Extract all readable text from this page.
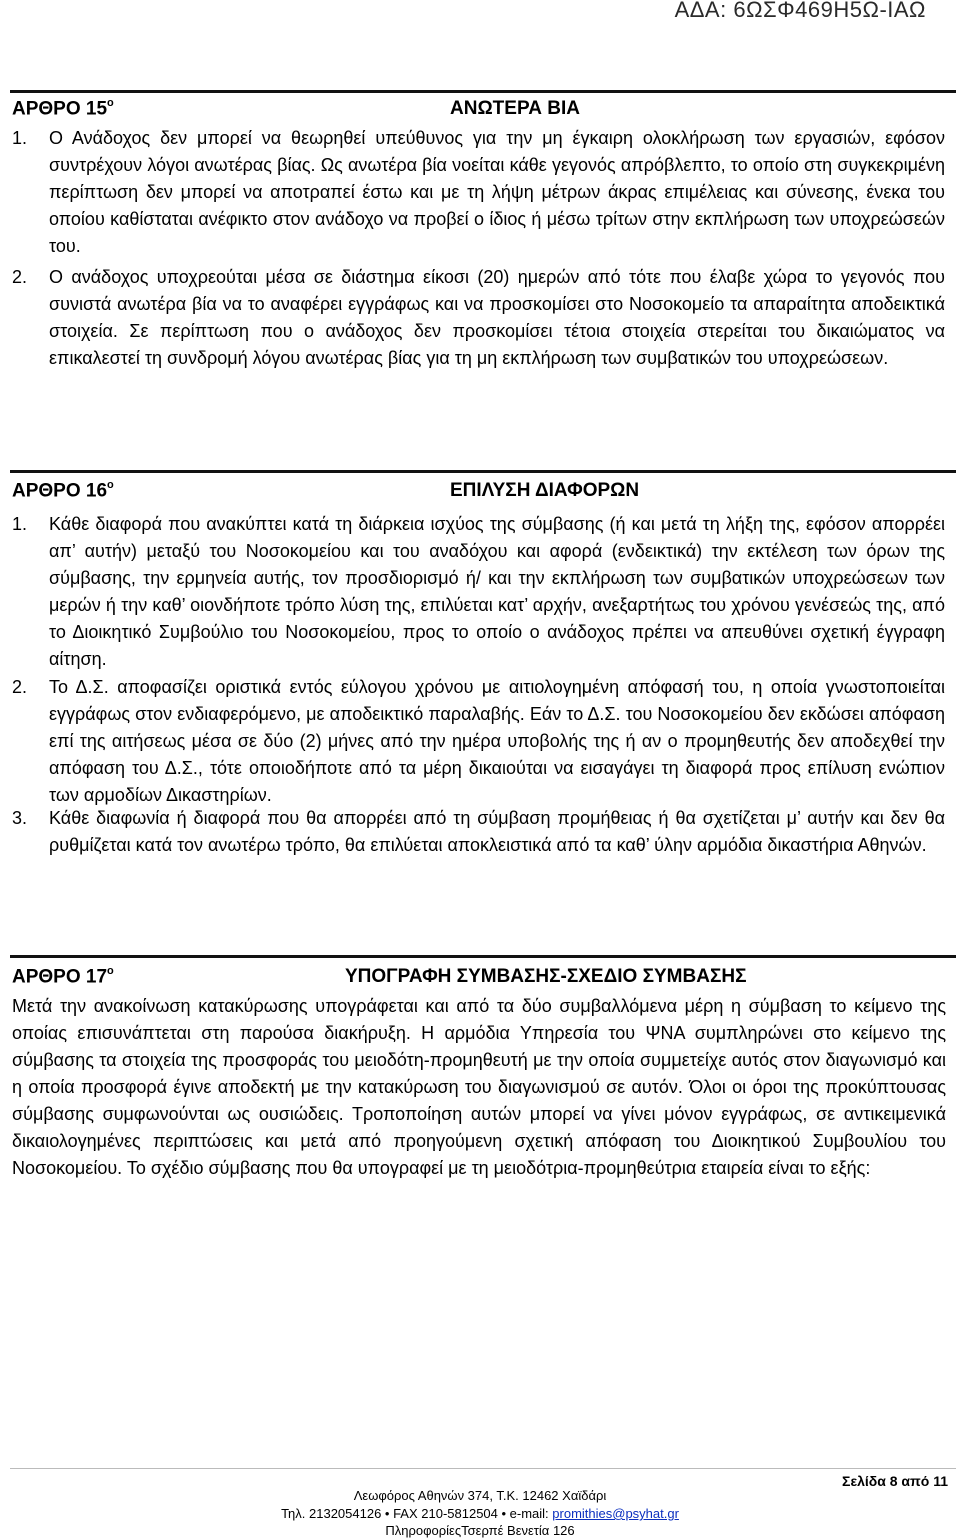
ΑΔΑ: 6ΩΣΦ469Η5Ω-ΙΑΩ
ΑΡΘΡΟ $15^o$	ΑΝΩΤΕΡΑ ΒΙΑ
1. Ο Ανάδοχος δεν μπορεί να θεωρηθεί υπεύθυνος για την μη έγκαιρη ολοκλήρωση των εργασιών, εφόσον συντρέχουν λόγοι ανωτέρας βίας. Ως ανωτέρα βία νοείται κάθε γεγονός απρόβλεπτο, το οποίο στη συγκεκριμένη περίπτωση δεν μπορεί να αποτραπεί έστω και με τη λήψη μέτρων άκρας επιμέλειας και σύνεσης, ένεκα του οποίου καθίσταται ανέφικτο στον ανάδοχο να προβεί ο ίδιος ή μέσω τρίτων στην εκπλήρωση των υποχρεώσεών του.
2. Ο ανάδοχος υποχρεούται μέσα σε διάστημα είκοσι (20) ημερών από τότε που έλαβε χώρα το γεγονός που συνιστά ανωτέρα βία να το αναφέρει εγγράφως και να προσκομίσει στο Νοσοκομείο τα απαραίτητα αποδεικτικά στοιχεία. Σε περίπτωση που ο ανάδοχος δεν προσκομίσει τέτοια στοιχεία στερείται του δικαιώματος να επικαλεστεί τη συνδρομή λόγου ανωτέρας βίας για τη μη εκπλήρωση των συμβατικών του υποχρεώσεων.
ΑΡΘΡΟ $16^o$	ΕΠΙΛΥΣΗ ΔΙΑΦΟΡΩΝ
1. Κάθε διαφορά που ανακύπτει κατά τη διάρκεια ισχύος της σύμβασης (ή και μετά τη λήξη της, εφόσον απορρέει απ’ αυτήν) μεταξύ του Νοσοκομείου και του αναδόχου και αφορά (ενδεικτικά) την εκτέλεση των όρων της σύμβασης, την ερμηνεία αυτής, τον προσδιορισμό ή/ και την εκπλήρωση των συμβατικών υποχρεώσεων των μερών ή την καθ’ οιονδήποτε τρόπο λύση της, επιλύεται κατ’ αρχήν, ανεξαρτήτως του χρόνου γενέσεώς της, από το Διοικητικό Συμβούλιο του Νοσοκομείου, προς το οποίο ο ανάδοχος πρέπει να απευθύνει σχετική έγγραφη αίτηση.
2. Το Δ.Σ. αποφασίζει οριστικά εντός εύλογου χρόνου με αιτιολογημένη απόφασή του, η οποία γνωστοποιείται εγγράφως στον ενδιαφερόμενο, με αποδεικτικό παραλαβής. Εάν το Δ.Σ. του Νοσοκομείου δεν εκδώσει απόφαση επί της αιτήσεως μέσα σε δύο (2) μήνες από την ημέρα υποβολής της ή αν ο προμηθευτής δεν αποδεχθεί την απόφαση του Δ.Σ., τότε οποιοδήποτε από τα μέρη δικαιούται να εισαγάγει τη διαφορά προς επίλυση ενώπιον των αρμοδίων Δικαστηρίων.
3. Κάθε διαφωνία ή διαφορά που θα απορρέει από τη σύμβαση προμήθειας ή θα σχετίζεται μ’ αυτήν και δεν θα ρυθμίζεται κατά τον ανωτέρω τρόπο, θα επιλύεται αποκλειστικά από τα καθ’ ύλην αρμόδια δικαστήρια Αθηνών.
ΑΡΘΡΟ $17^o$	ΥΠΟΓΡΑΦΗ ΣΥΜΒΑΣΗΣ-ΣΧΕΔΙΟ ΣΥΜΒΑΣΗΣ
Μετά την ανακοίνωση κατακύρωσης υπογράφεται και από τα δύο συμβαλλόμενα μέρη η σύμβαση το κείμενο της οποίας επισυνάπτεται στη παρούσα διακήρυξη. Η αρμόδια Υπηρεσία του ΨΝΑ συμπληρώνει στο κείμενο της σύμβασης τα στοιχεία της προσφοράς του μειοδότη-προμηθευτή με την οποία συμμετείχε αυτός στον διαγωνισμό και η οποία προσφορά έγινε αποδεκτή με την κατακύρωση του διαγωνισμού σε αυτόν. Όλοι οι όροι της προκύπτουσας σύμβασης συμφωνούνται ως ουσιώδεις. Τροποποίηση αυτών μπορεί να γίνει μόνον εγγράφως, σε αντικειμενικά δικαιολογημένες περιπτώσεις και μετά από προηγούμενη σχετική απόφαση του Διοικητικού Συμβουλίου του Νοσοκομείου. Το σχέδιο σύμβασης που θα υπογραφεί με τη μειοδότρια-προμηθεύτρια εταιρεία είναι το εξής:
Σελίδα 8 από 11
Λεωφόρος Αθηνών 374, Τ.Κ. 12462 Χαϊδάρι
Τηλ. 2132054126 • FAX 210-5812504 • e-mail: promithies@psyhat.gr
ΠληροφορίεςΤσερπέ Βενετία 126
